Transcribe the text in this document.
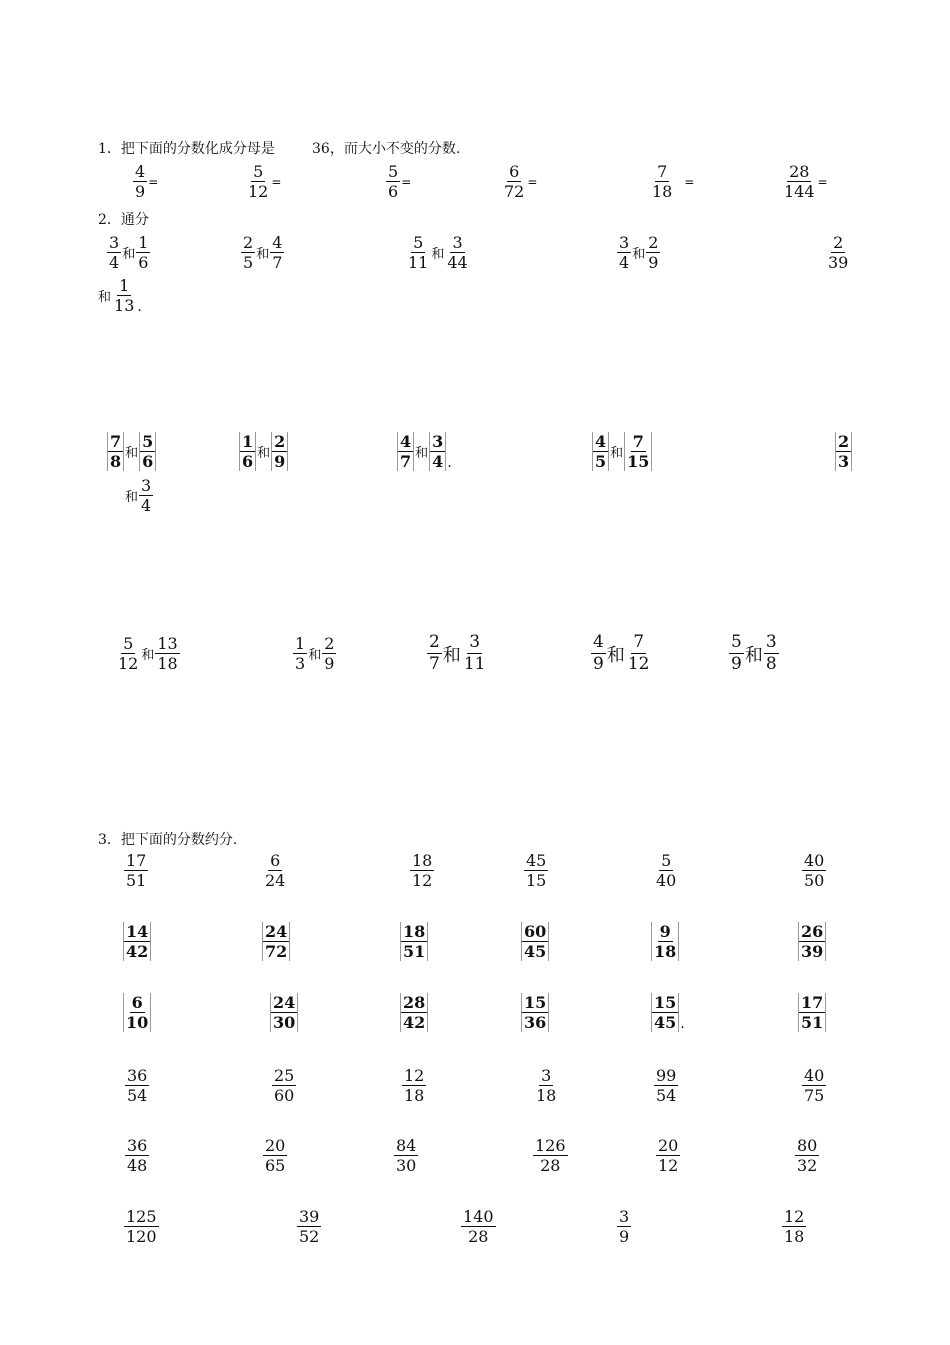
1．把下面的分数化成分母是	36，而大小不变的分数.
$\frac{4}{9}$ =	$\frac{5}{12}$ =	$\frac{5}{6}$ =	$\frac{6}{72}$ =	$\frac{7}{18}$ =	$\frac{28}{144}$ =
2．通分
$\frac{3}{4}$ 和 $\frac{1}{6}$	$\frac{2}{5}$ 和 $\frac{4}{7}$	$\frac{5}{11}$ 和 $\frac{3}{44}$	$\frac{3}{4}$ 和 $\frac{2}{9}$	$\frac{2}{39}$
和 $\frac{1}{13}$ .
$\frac{7}{8}$ 和 $\frac{5}{6}$	$\frac{1}{6}$ 和 $\frac{2}{9}$	$\frac{4}{7}$ 和 $\frac{3}{4}$ .	$\frac{4}{5}$ 和 $\frac{7}{15}$	$\frac{2}{3}$
和 $\frac{3}{4}$
$\frac{5}{12}$ 和 $\frac{13}{18}$	$\frac{1}{3}$ 和 $\frac{2}{9}$	$\frac{2}{7}$ 和 $\frac{3}{11}$	$\frac{4}{9}$ 和 $\frac{7}{12}$	$\frac{5}{9}$ 和 $\frac{3}{8}$
3．把下面的分数约分.
$\frac{17}{51}$	$\frac{6}{24}$	$\frac{18}{12}$	$\frac{45}{15}$	$\frac{5}{40}$	$\frac{40}{50}$
$\frac{14}{42}$	$\frac{24}{72}$	$\frac{18}{51}$	$\frac{60}{45}$	$\frac{9}{18}$	$\frac{26}{39}$
$\frac{6}{10}$	$\frac{24}{30}$	$\frac{28}{42}$	$\frac{15}{36}$	$\frac{15}{45}$ .	$\frac{17}{51}$
$\frac{36}{54}$	$\frac{25}{60}$	$\frac{12}{18}$	$\frac{3}{18}$	$\frac{99}{54}$	$\frac{40}{75}$
$\frac{36}{48}$	$\frac{20}{65}$	$\frac{84}{30}$	$\frac{126}{28}$	$\frac{20}{12}$	$\frac{80}{32}$
$\frac{125}{120}$	$\frac{39}{52}$	$\frac{140}{28}$	$\frac{3}{9}$	$\frac{12}{18}$
